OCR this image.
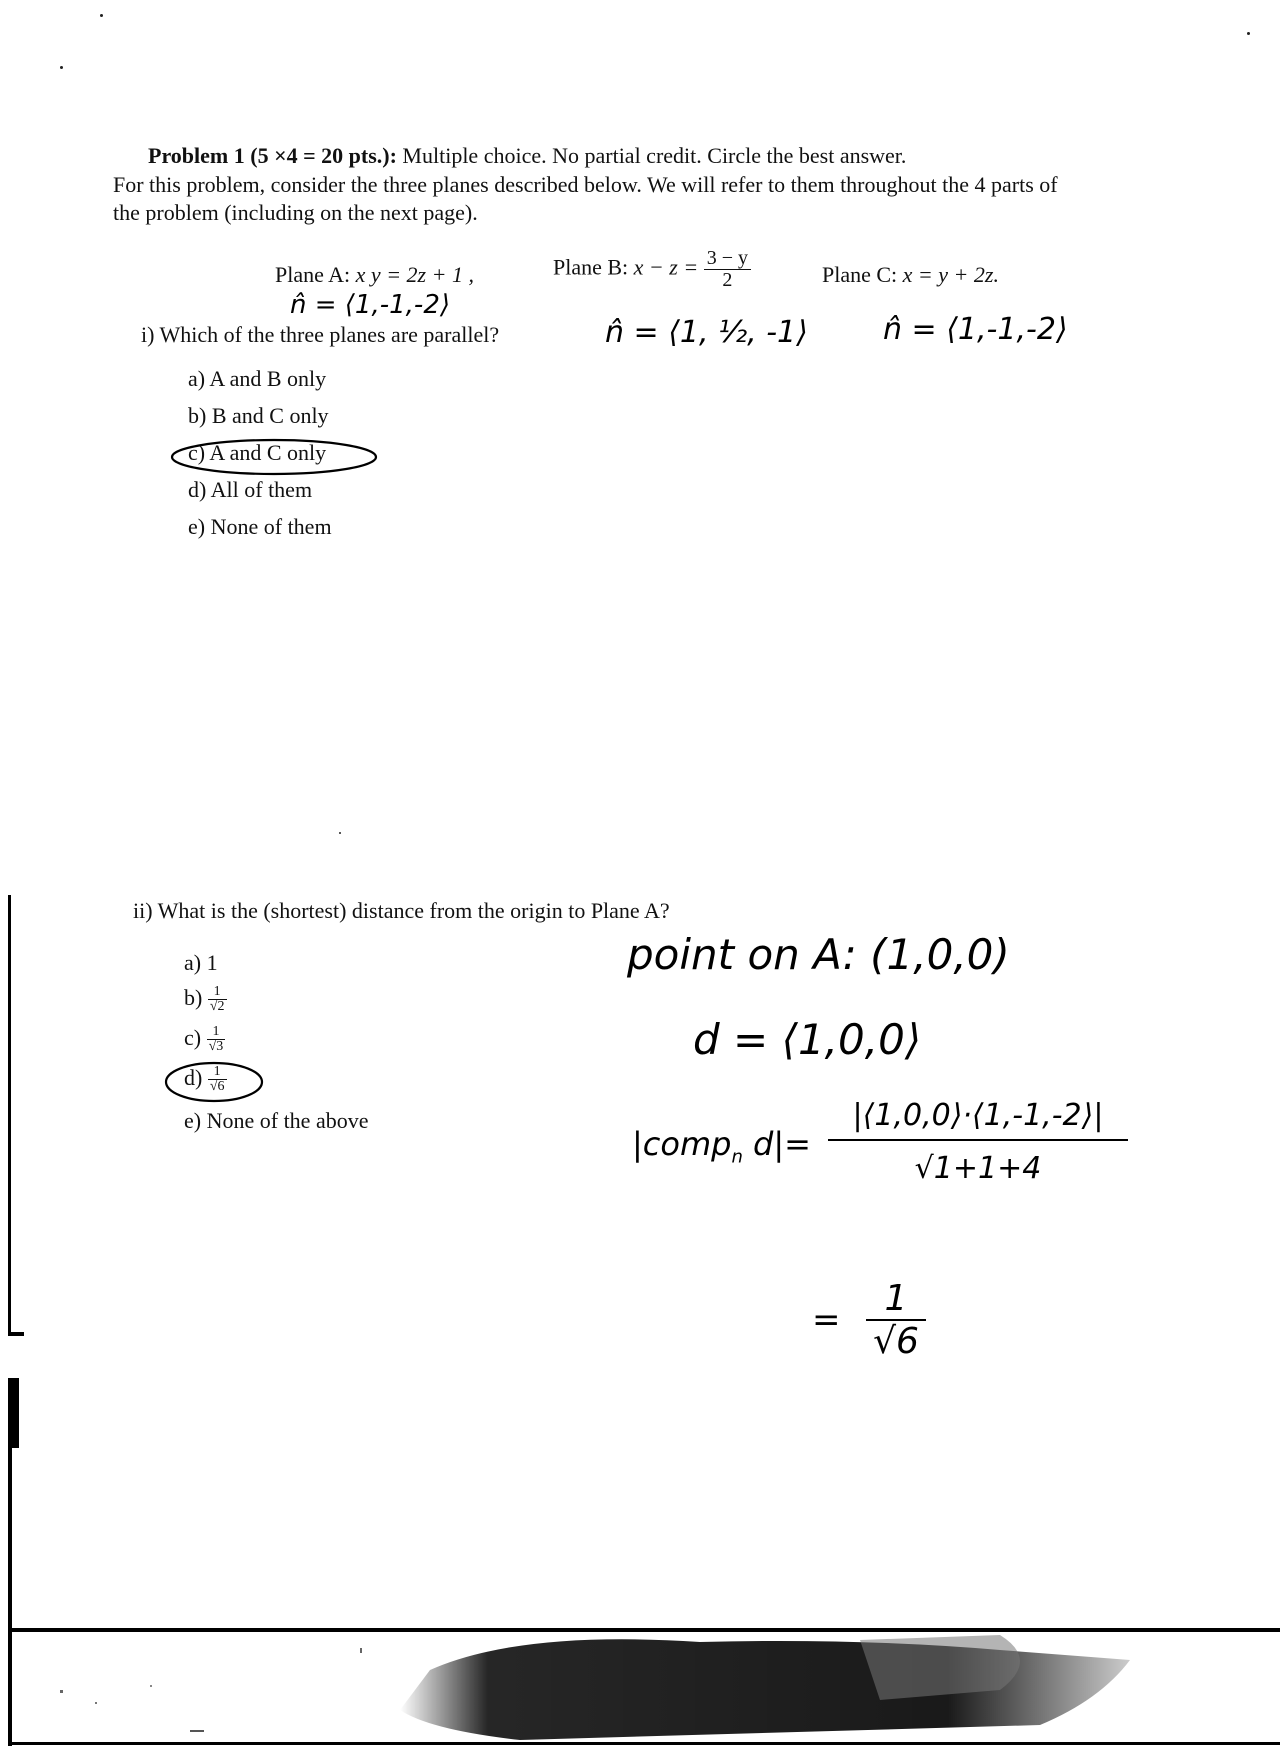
Problem 1 (5 ×4 = 20 pts.): Multiple choice. No partial credit. Circle the best answer.
For this problem, consider the three planes described below. We will refer to them throughout the 4 parts of
the problem (including on the next page).
Plane A: x y = 2z + 1 ,	Plane B: $x - z = \frac{3 - y}{2}$	Plane C: x = y + 2z.
n̂ = ⟨1,-1,-2⟩
n̂ = ⟨1, ½, -1⟩	n̂ = ⟨1,-1,-2⟩
i) Which of the three planes are parallel?
a) A and B only
b) B and C only
c) A and C only
d) All of them
e) None of them
ii) What is the (shortest) distance from the origin to Plane A?
a) 1
$b) \frac{1}{√2}$
$c) \frac{1}{√3}$
$d) \frac{1}{√6}$
e) None of the above
point on A: (1,0,0)
d = ⟨1,0,0⟩
|comp$_n$ $d|= \frac{|⟨1,0,0⟩\cdot⟨1,-1,-2⟩|}{√1+1+4}$
= $\frac{1}{√6}$
